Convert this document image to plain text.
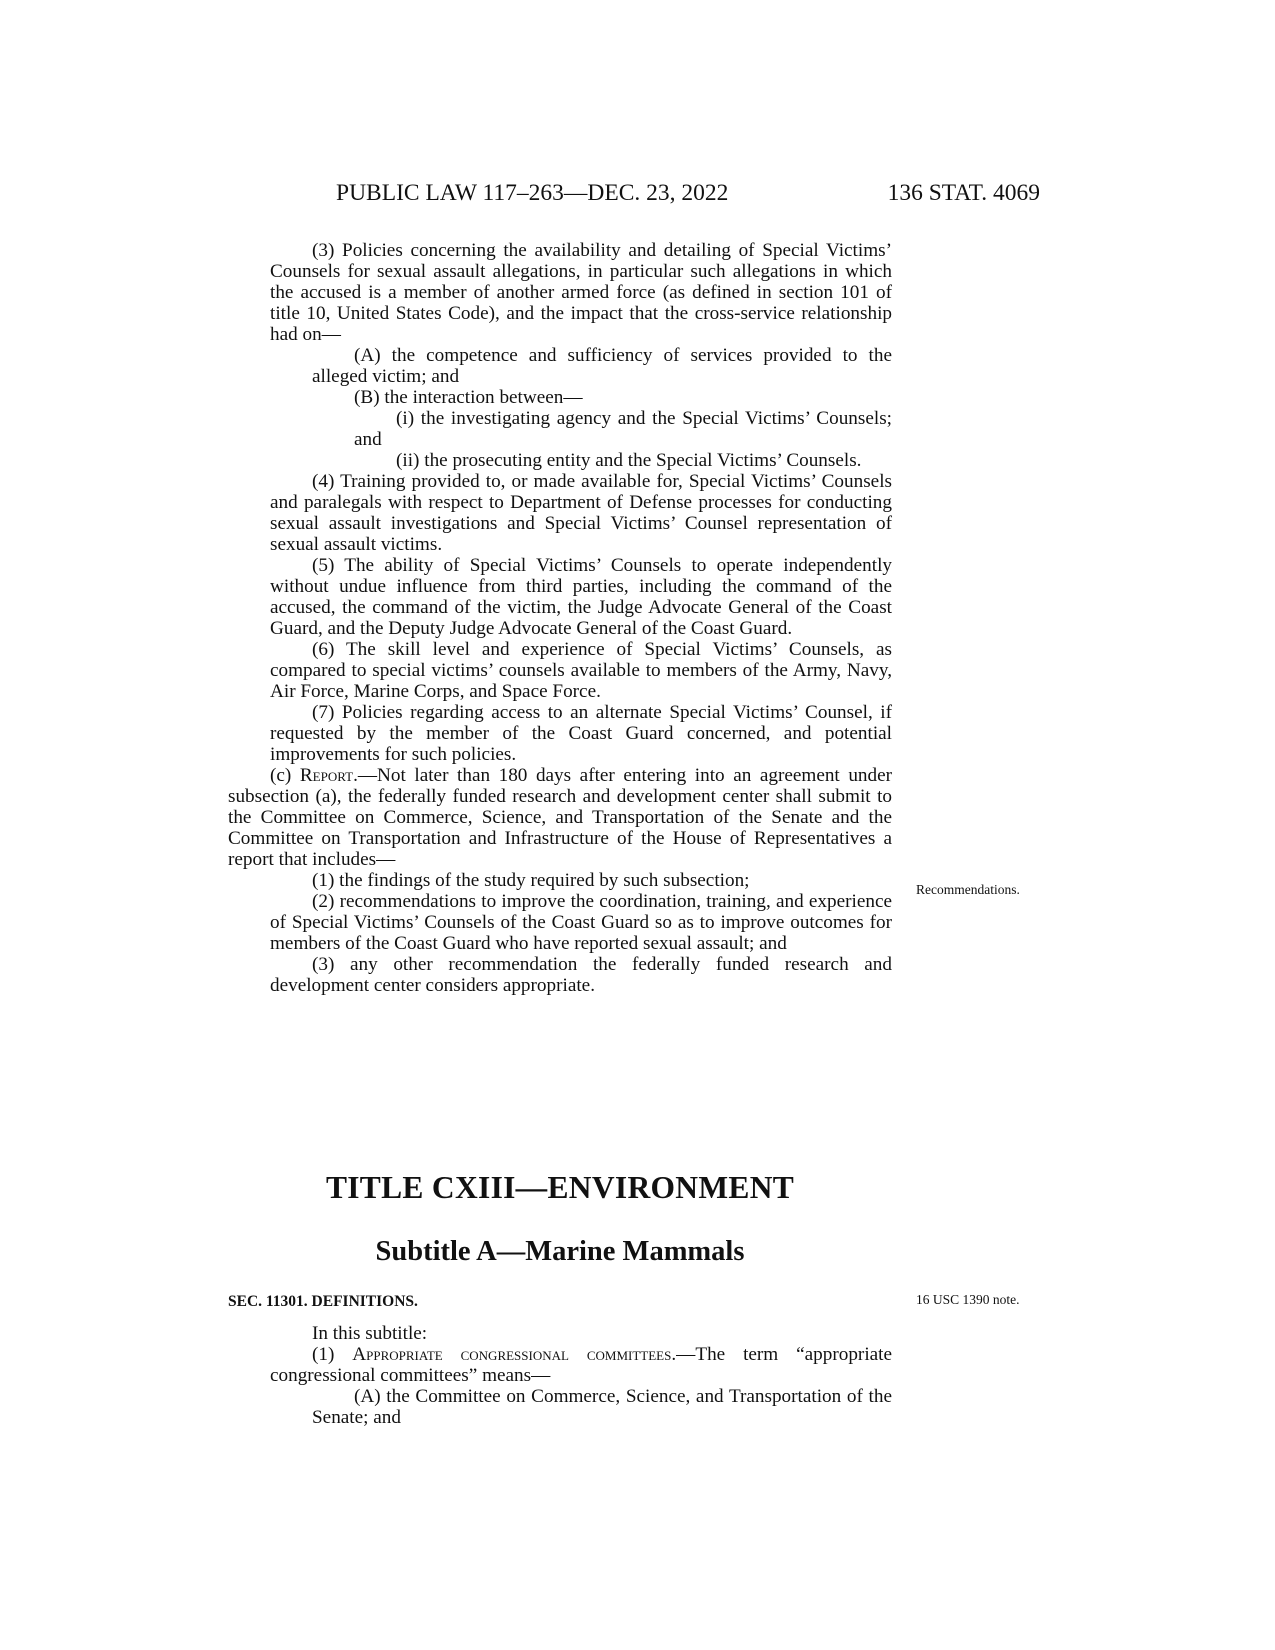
PUBLIC LAW 117–263—DEC. 23, 2022	136 STAT. 4069

(3) Policies concerning the availability and detailing of Special Victims’ Counsels for sexual assault allegations, in particular such allegations in which the accused is a member of another armed force (as defined in section 101 of title 10, United States Code), and the impact that the cross-service relationship had on—

(A) the competence and sufficiency of services provided to the alleged victim; and

(B) the interaction between—

(i) the investigating agency and the Special Victims’ Counsels; and

(ii) the prosecuting entity and the Special Victims’ Counsels.

(4) Training provided to, or made available for, Special Victims’ Counsels and paralegals with respect to Department of Defense processes for conducting sexual assault investigations and Special Victims’ Counsel representation of sexual assault victims.

(5) The ability of Special Victims’ Counsels to operate independently without undue influence from third parties, including the command of the accused, the command of the victim, the Judge Advocate General of the Coast Guard, and the Deputy Judge Advocate General of the Coast Guard.

(6) The skill level and experience of Special Victims’ Counsels, as compared to special victims’ counsels available to members of the Army, Navy, Air Force, Marine Corps, and Space Force.

(7) Policies regarding access to an alternate Special Victims’ Counsel, if requested by the member of the Coast Guard concerned, and potential improvements for such policies.

(c) Report.—Not later than 180 days after entering into an agreement under subsection (a), the federally funded research and development center shall submit to the Committee on Commerce, Science, and Transportation of the Senate and the Committee on Transportation and Infrastructure of the House of Representatives a report that includes—

(1) the findings of the study required by such subsection;

(2) recommendations to improve the coordination, training, and experience of Special Victims’ Counsels of the Coast Guard so as to improve outcomes for members of the Coast Guard who have reported sexual assault; and

(3) any other recommendation the federally funded research and development center considers appropriate.

Recommendations.
TITLE CXIII—ENVIRONMENT
Subtitle A—Marine Mammals
SEC. 11301. DEFINITIONS.	16 USC 1390 note.

In this subtitle:

(1) Appropriate congressional committees.—The term “appropriate congressional committees” means—

(A) the Committee on Commerce, Science, and Transportation of the Senate; and
